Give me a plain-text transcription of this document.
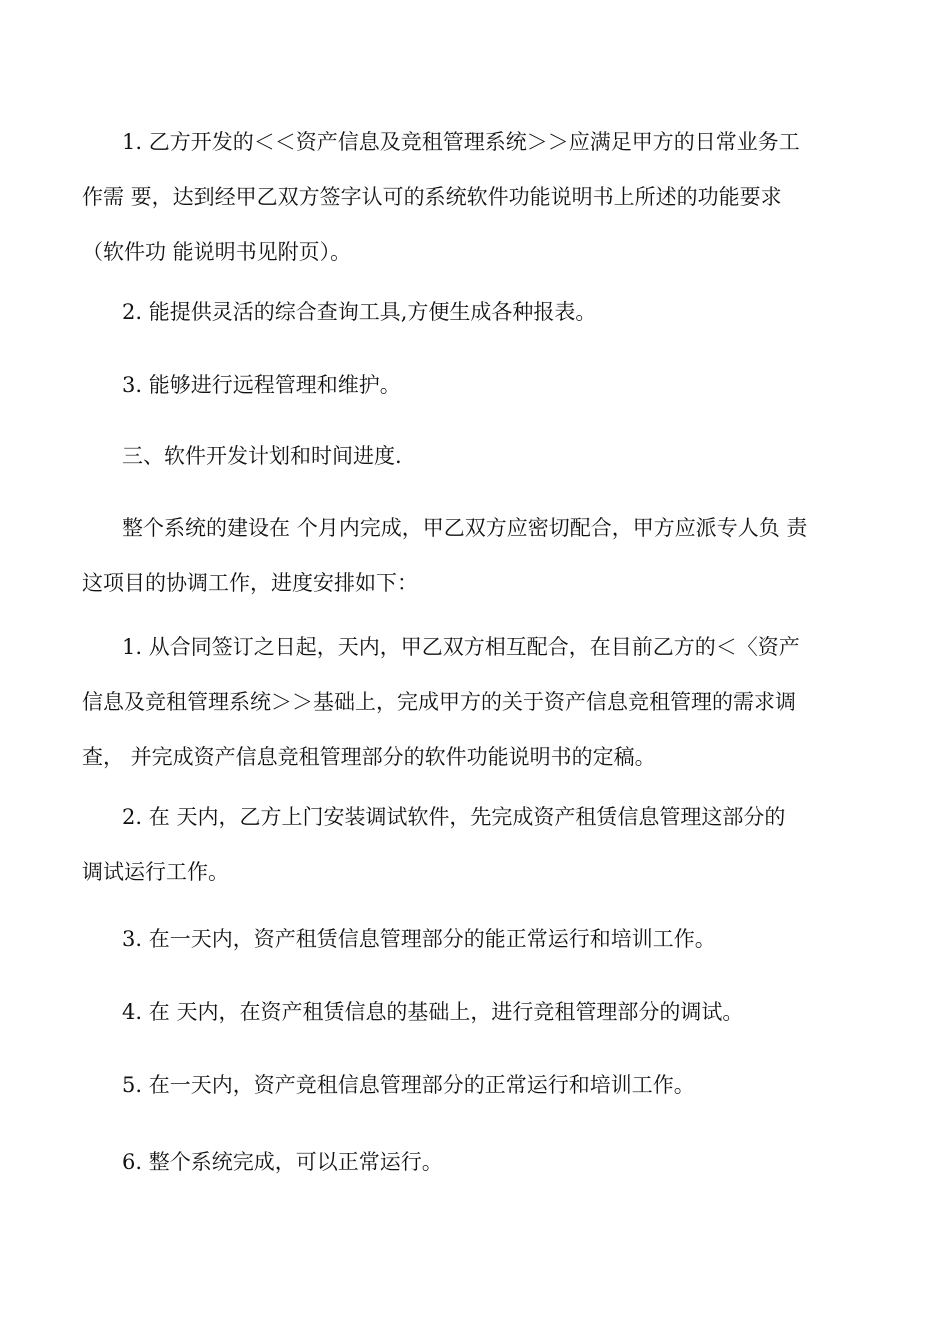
1. 乙方开发的＜＜资产信息及竞租管理系统＞＞应满足甲方的日常业务工
作需 要，达到经甲乙双方签字认可的系统软件功能说明书上所述的功能要求
（软件功 能说明书见附页）。
2. 能提供灵活的综合查询工具,方便生成各种报表。
3. 能够进行远程管理和维护。
三、软件开发计划和时间进度.
整个系统的建设在 个月内完成，甲乙双方应密切配合，甲方应派专人负 责
这项目的协调工作，进度安排如下：
1. 从合同签订之日起，天内，甲乙双方相互配合，在目前乙方的＜〈资产
信息及竞租管理系统＞＞基础上，完成甲方的关于资产信息竞租管理的需求调
查， 并完成资产信息竞租管理部分的软件功能说明书的定稿。
2. 在 天内，乙方上门安装调试软件，先完成资产租赁信息管理这部分的
调试运行工作。
3. 在一天内，资产租赁信息管理部分的能正常运行和培训工作。
4. 在 天内，在资产租赁信息的基础上，进行竞租管理部分的调试。
5. 在一天内，资产竞租信息管理部分的正常运行和培训工作。
6. 整个系统完成，可以正常运行。
